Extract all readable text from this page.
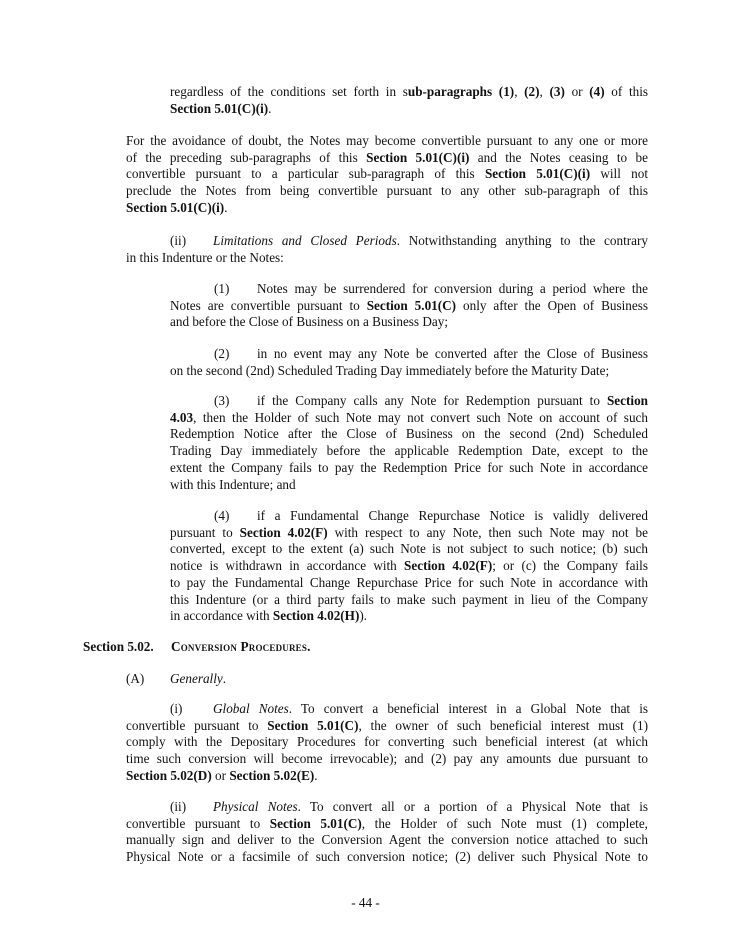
regardless of the conditions set forth in sub-paragraphs (1), (2), (3) or (4) of this
Section 5.01(C)(i).
For the avoidance of doubt, the Notes may become convertible pursuant to any one or more
of the preceding sub-paragraphs of this Section 5.01(C)(i) and the Notes ceasing to be
convertible pursuant to a particular sub-paragraph of this Section 5.01(C)(i) will not
preclude the Notes from being convertible pursuant to any other sub-paragraph of this
Section 5.01(C)(i).
(ii) Limitations and Closed Periods. Notwithstanding anything to the contrary
in this Indenture or the Notes:
(1) Notes may be surrendered for conversion during a period where the
Notes are convertible pursuant to Section 5.01(C) only after the Open of Business
and before the Close of Business on a Business Day;
(2) in no event may any Note be converted after the Close of Business
on the second (2nd) Scheduled Trading Day immediately before the Maturity Date;
(3) if the Company calls any Note for Redemption pursuant to Section
4.03, then the Holder of such Note may not convert such Note on account of such
Redemption Notice after the Close of Business on the second (2nd) Scheduled
Trading Day immediately before the applicable Redemption Date, except to the
extent the Company fails to pay the Redemption Price for such Note in accordance
with this Indenture; and
(4) if a Fundamental Change Repurchase Notice is validly delivered
pursuant to Section 4.02(F) with respect to any Note, then such Note may not be
converted, except to the extent (a) such Note is not subject to such notice; (b) such
notice is withdrawn in accordance with Section 4.02(F); or (c) the Company fails
to pay the Fundamental Change Repurchase Price for such Note in accordance with
this Indenture (or a third party fails to make such payment in lieu of the Company
in accordance with Section 4.02(H)).
Section 5.02. Conversion Procedures.
(A) Generally.
(i) Global Notes. To convert a beneficial interest in a Global Note that is
convertible pursuant to Section 5.01(C), the owner of such beneficial interest must (1)
comply with the Depositary Procedures for converting such beneficial interest (at which
time such conversion will become irrevocable); and (2) pay any amounts due pursuant to
Section 5.02(D) or Section 5.02(E).
(ii) Physical Notes. To convert all or a portion of a Physical Note that is
convertible pursuant to Section 5.01(C), the Holder of such Note must (1) complete,
manually sign and deliver to the Conversion Agent the conversion notice attached to such
Physical Note or a facsimile of such conversion notice; (2) deliver such Physical Note to
- 44 -
